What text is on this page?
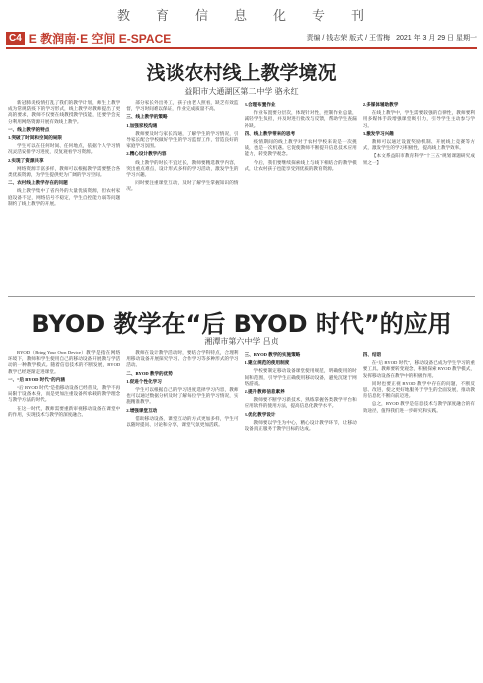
教 育 信 息 化 专 刊
C4 E 教润南·E 空间 E-SPACE	责编 / 钱志荣 版式 / 王雪梅 2021 年 3 月 29 日 星期一
浅谈农村线上教学境况
益阳市大通湖区第二中学 骆永红

新冠肺炎疫情打乱了我们的教学计划，师生上教学成为常规防疫下的学习形式，线上教学对教师提出了更高的要求，教师不仅要在线教授教学技能，还要学会充分利用网络资源开展有效线上教学。

一、线上教学的特点

1.突破了时间和空间的局限

学生可以在任何时间、任何地点，依据个人学习情况灵活安排学习进度，反复观看学习资源。

2.实现了资源共享

网络资源丰富多样，教师可以根据教学需要整合各类优质资源，为学生提供更为广阔的学习空间。

二、农村线上教学存在的问题

线上教学集中了省内外的大量优质资源，但农村家庭设备不足，网络信号不稳定，学生自控能力弱等问题制约了线上教学的开展。

部分家长外出务工，孩子由老人照看，缺乏有效监督，学习时间难以保证，作业完成质量不高。

三、线上教学的策略

1.加强家校沟通

教师要及时与家长沟通，了解学生的学习情况，引导家长配合学校做好学生的学习监督工作，营造良好的家庭学习氛围。

2.精心设计教学内容

线上教学的时长不宜过长，教师要精选教学内容，突出重点难点，设计形式多样的学习活动，激发学生的学习兴趣。

同时要注重课堂互动，及时了解学生掌握知识的情况。

3.合理布置作业

作业布置要分层次，体现针对性，控制作业总量，减轻学生负担，并及时进行批改与反馈，帮助学生查漏补缺。

四、线上教学带来的思考

疫情期间的线上教学对于农村学校来说是一次挑战，也是一次机遇。它促使教师不断提升信息技术应用能力，转变教学观念。

今后，我们要继续探索线上与线下相结合的教学模式，让农村孩子也能享受到优质的教育资源。

2.多媒体辅助教学

在线上教学中，学生需要较强的自律性，教师要利用多媒体手段增强课堂吸引力，引导学生主动参与学习。

3.激发学习兴趣

教师可以通过设置奖励机制、开展线上竞赛等方式，激发学生的学习积极性，提高线上教学效率。

【本文系益阳市教育科学"十三五"规划课题研究成果之一】

BYOD 教学在“后 BYOD 时代”的应用
湘潭市第六中学 吕贞

BYOD（Bring Your Own Device）教学是指在网络环境下，教师和学生使用自己的移动设备开展教与学活动的一种教学模式。随着信息技术的不断发展，BYOD教学已经逐渐走进课堂。

一、“后 BYOD 时代”的内涵

“后 BYOD 时代”是指移动设备已经普及，教学不再局限于设备本身，而是更加注重设备所承载的教学理念与教学方法的时代。

在这一时代，教师需要重新审视移动设备在课堂中的作用，实现技术与教学的深度融合。

教师在设计教学活动时，要结合学科特点，合理利用移动设备开展探究学习、合作学习等多种形式的学习活动。

二、BYOD 教学的优势

1.促进个性化学习

学生可以根据自己的学习进度选择学习内容，教师也可以通过数据分析及时了解每位学生的学习情况，实施精准教学。

2.增强课堂互动

借助移动设备，课堂互动的方式更加多样，学生可以随时提问、讨论和分享，课堂气氛更加活跃。

三、BYOD 教学的实施策略

1.建立规范的使用制度

学校要制定移动设备课堂使用规范，明确使用的时间和范围，引导学生正确使用移动设备，避免沉迷于网络游戏。

2.提升教师信息素养

教师要不断学习新技术，熟练掌握各类教学平台和应用软件的使用方法，提高信息化教学水平。

3.优化教学设计

教师要以学生为中心，精心设计教学环节，让移动设备真正服务于教学目标的达成。

四、结语

在“后 BYOD 时代”，移动设备已成为学生学习的重要工具。教师要转变观念，积极探索 BYOD 教学模式，发挥移动设备在教学中的积极作用。

同时也要正视 BYOD 教学中存在的问题，不断反思、改进，使之更好地服务于学生的全面发展，推动教育信息化不断向前迈进。

总之，BYOD 教学是信息技术与教学深度融合的有效途径，值得我们进一步研究和实践。
